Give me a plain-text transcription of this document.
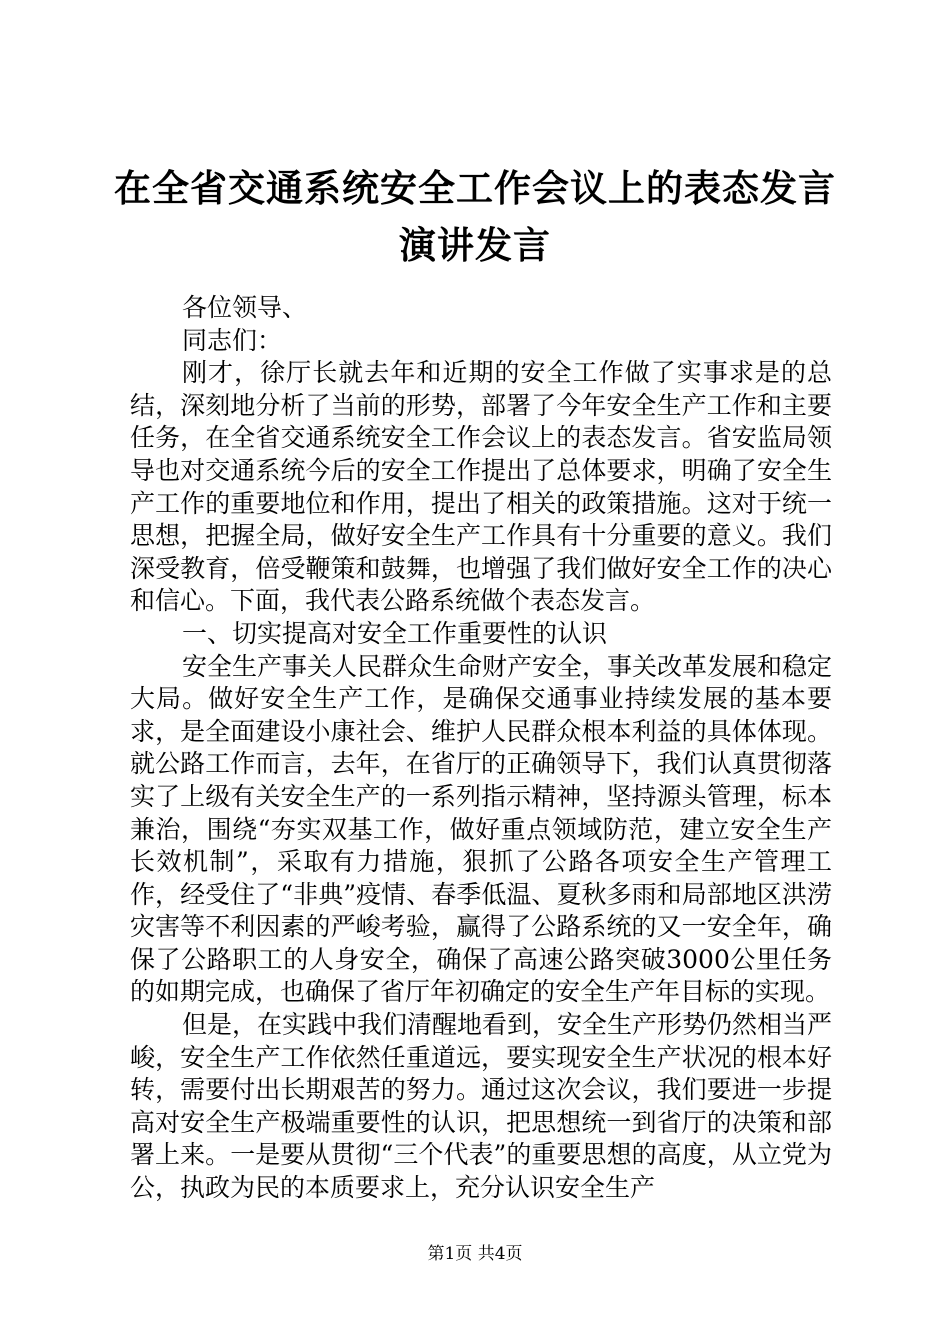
在全省交通系统安全工作会议上的表态发言演讲发言

各位领导、

同志们：

刚才，徐厅长就去年和近期的安全工作做了实事求是的总结，深刻地分析了当前的形势，部署了今年安全生产工作和主要任务，在全省交通系统安全工作会议上的表态发言。省安监局领导也对交通系统今后的安全工作提出了总体要求，明确了安全生产工作的重要地位和作用，提出了相关的政策措施。这对于统一思想，把握全局，做好安全生产工作具有十分重要的意义。我们深受教育，倍受鞭策和鼓舞，也增强了我们做好安全工作的决心和信心。下面，我代表公路系统做个表态发言。

一、切实提高对安全工作重要性的认识

安全生产事关人民群众生命财产安全，事关改革发展和稳定大局。做好安全生产工作，是确保交通事业持续发展的基本要求，是全面建设小康社会、维护人民群众根本利益的具体体现。就公路工作而言，去年，在省厅的正确领导下，我们认真贯彻落实了上级有关安全生产的一系列指示精神，坚持源头管理，标本兼治，围绕“夯实双基工作，做好重点领域防范，建立安全生产长效机制”，采取有力措施，狠抓了公路各项安全生产管理工作，经受住了“非典”疫情、春季低温、夏秋多雨和局部地区洪涝灾害等不利因素的严峻考验，赢得了公路系统的又一安全年，确保了公路职工的人身安全，确保了高速公路突破3000公里任务的如期完成，也确保了省厅年初确定的安全生产年目标的实现。

但是，在实践中我们清醒地看到，安全生产形势仍然相当严峻，安全生产工作依然任重道远，要实现安全生产状况的根本好转，需要付出长期艰苦的努力。通过这次会议，我们要进一步提高对安全生产极端重要性的认识，把思想统一到省厅的决策和部署上来。一是要从贯彻“三个代表”的重要思想的高度，从立党为公，执政为民的本质要求上，充分认识安全生产

第1页 共4页
